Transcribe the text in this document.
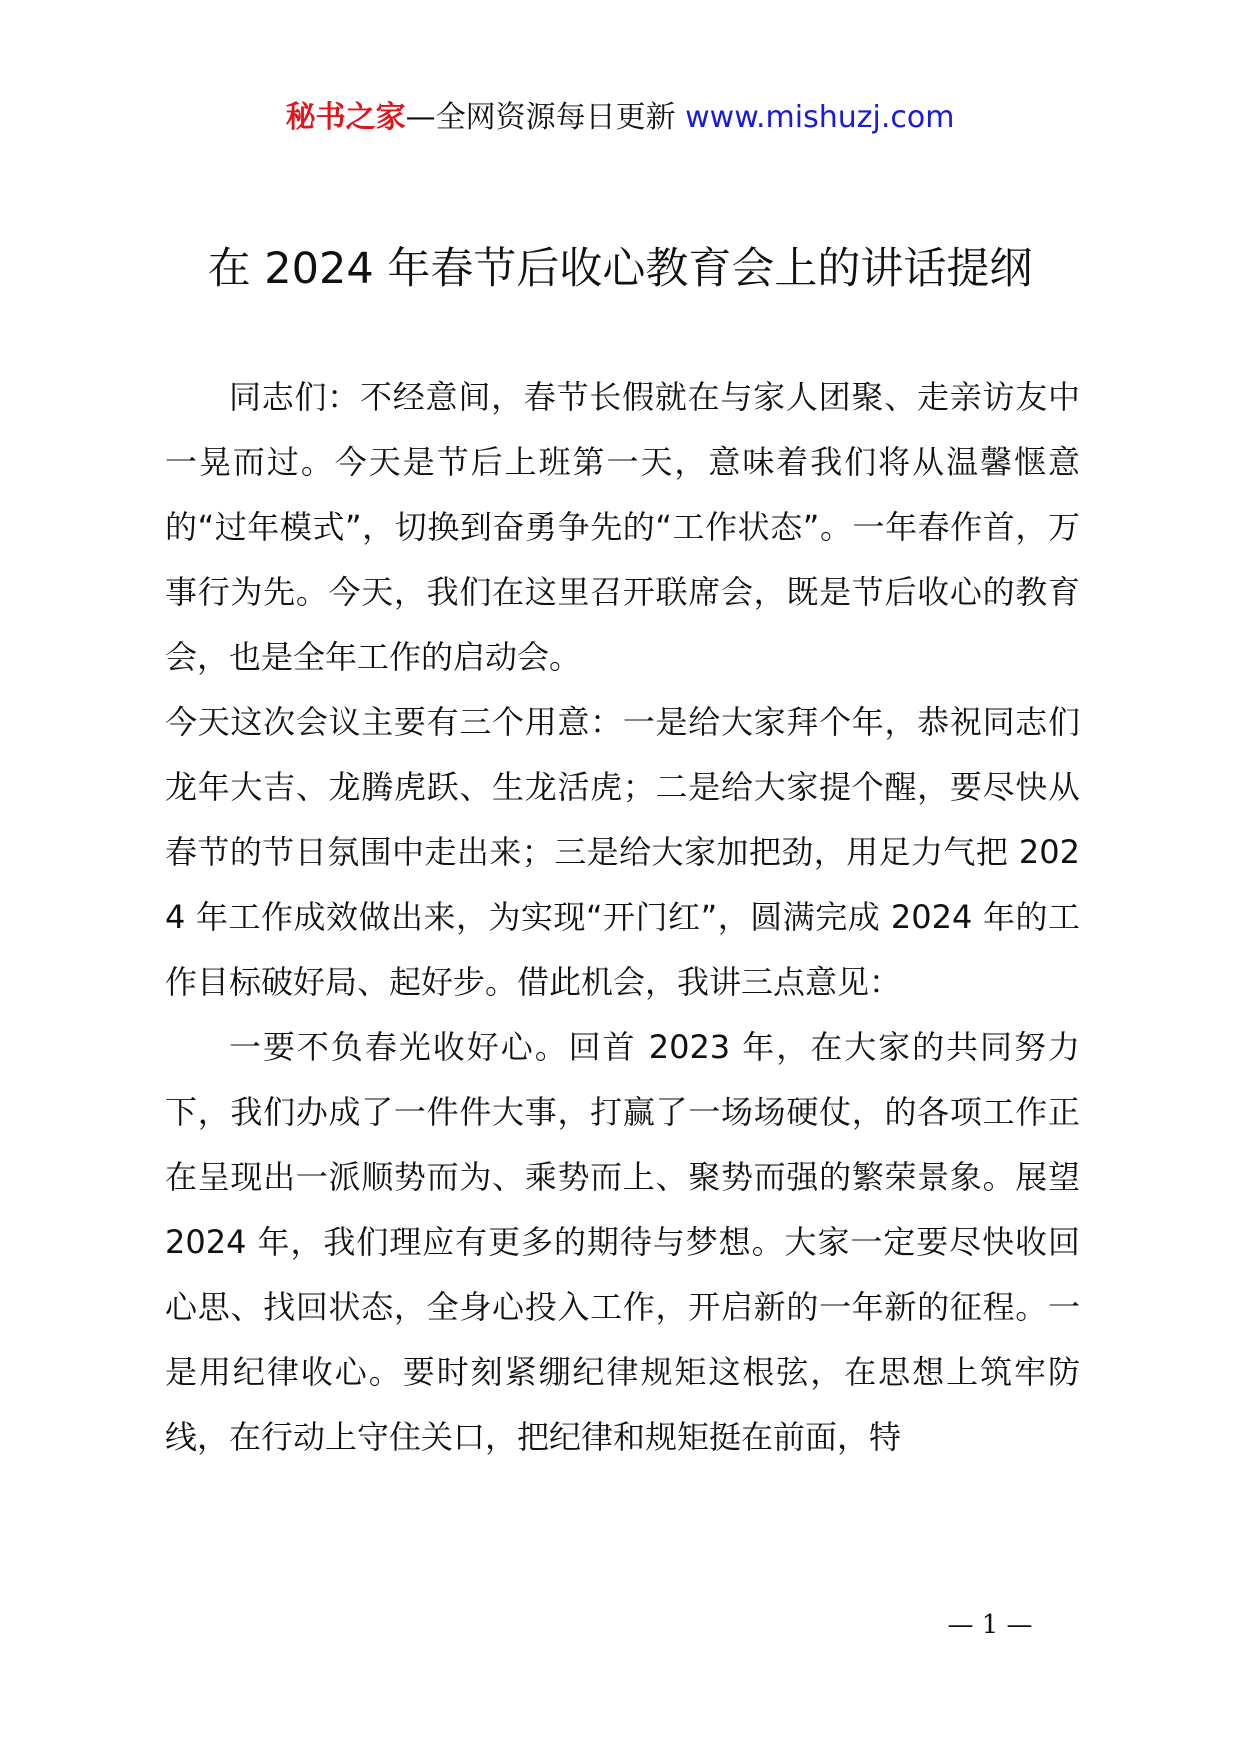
秘书之家—全网资源每日更新 www.mishuzj.com
在 2024 年春节后收心教育会上的讲话提纲

同志们：不经意间，春节长假就在与家人团聚、走亲访友中一晃而过。今天是节后上班第一天，意味着我们将从温馨惬意的“过年模式”，切换到奋勇争先的“工作状态”。一年春作首，万事行为先。今天，我们在这里召开联席会，既是节后收心的教育会，也是全年工作的启动会。

今天这次会议主要有三个用意：一是给大家拜个年，恭祝同志们龙年大吉、龙腾虎跃、生龙活虎；二是给大家提个醒，要尽快从春节的节日氛围中走出来；三是给大家加把劲，用足力气把 2024 年工作成效做出来，为实现“开门红”，圆满完成 2024 年的工作目标破好局、起好步。借此机会，我讲三点意见：

一要不负春光收好心。回首 2023 年，在大家的共同努力下，我们办成了一件件大事，打赢了一场场硬仗，的各项工作正在呈现出一派顺势而为、乘势而上、聚势而强的繁荣景象。展望 2024 年，我们理应有更多的期待与梦想。大家一定要尽快收回心思、找回状态，全身心投入工作，开启新的一年新的征程。一是用纪律收心。要时刻紧绷纪律规矩这根弦，在思想上筑牢防线，在行动上守住关口，把纪律和规矩挺在前面，特

— 1 —
